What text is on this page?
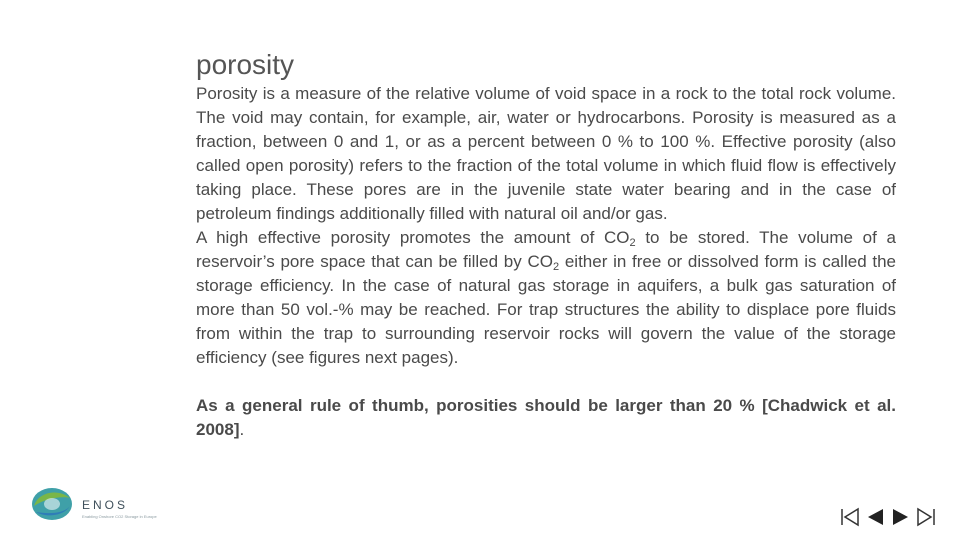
porosity

Porosity is a measure of the relative volume of void space in a rock to the total rock volume. The void may contain, for example, air, water or hydrocarbons. Porosity is measured as a fraction, between 0 and 1, or as a percent between 0 % to 100 %. Effective porosity (also called open porosity) refers to the fraction of the total volume in which fluid flow is effectively taking place. These pores are in the juvenile state water bearing and in the case of petroleum findings additionally filled with natural oil and/or gas.

A high effective porosity promotes the amount of $CO_2$ to be stored. The volume of a reservoir’s pore space that can be filled by $CO_2$ either in free or dissolved form is called the storage efficiency. In the case of natural gas storage in aquifers, a bulk gas saturation of more than 50 vol.-% may be reached. For trap structures the ability to displace pore fluids from within the trap to surrounding reservoir rocks will govern the value of the storage efficiency (see figures next pages).

As a general rule of thumb, porosities should be larger than 20 % [Chadwick et al. 2008].

ENOS
Enabling Onshore CO2 Storage in Europe
